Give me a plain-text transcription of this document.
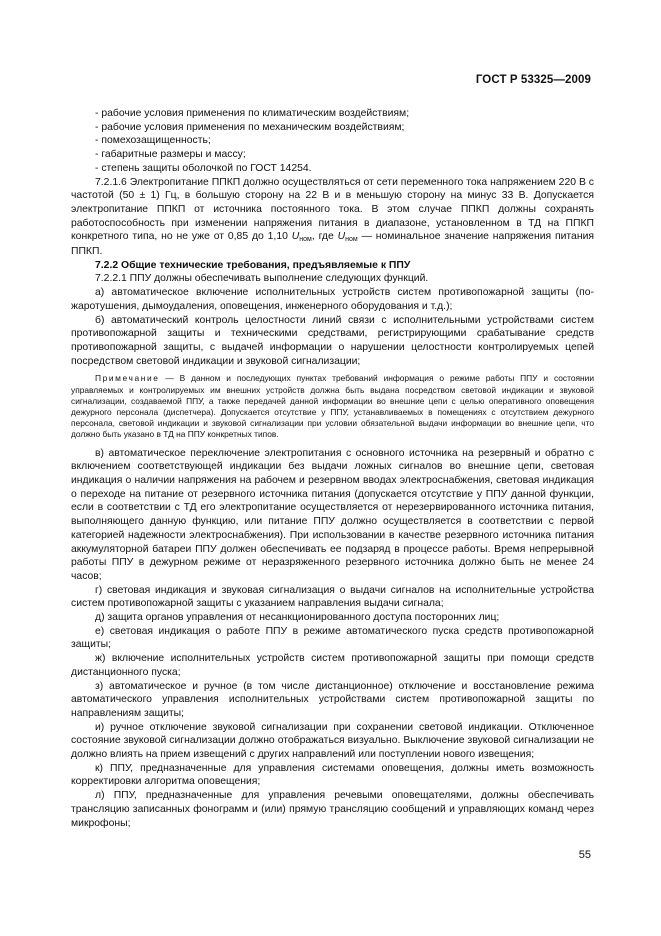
ГОСТ Р 53325—2009

- рабочие условия применения по климатическим воздействиям;

- рабочие условия применения по механическим воздействиям;

- помехозащищенность;

- габаритные размеры и массу;

- степень защиты оболочкой по ГОСТ 14254.

7.2.1.6 Электропитание ППКП должно осуществляться от сети переменного тока напряжением 220 В с частотой (50 ± 1) Гц, в большую сторону на 22 В и в меньшую сторону на минус 33 В. Допускается электропитание ППКП от источника постоянного тока. В этом случае ППКП должны сохранять работоспособность при изменении напряжения питания в диапазоне, установленном в ТД на ППКП конкретного типа, но не уже от 0,85 до 1,10 Uном, где Uном — номинальное значение напряжения питания ППКП.

7.2.2 Общие технические требования, предъявляемые к ППУ

7.2.2.1 ППУ должны обеспечивать выполнение следующих функций.

а) автоматическое включение исполнительных устройств систем противопожарной защиты (пожаротушения, дымоудаления, оповещения, инженерного оборудования и т.д.);

б) автоматический контроль целостности линий связи с исполнительными устройствами систем противопожарной защиты и техническими средствами, регистрирующими срабатывание средств противопожарной защиты, с выдачей информации о нарушении целостности контролируемых цепей посредством световой индикации и звуковой сигнализации;

Примечание — В данном и последующих пунктах требований информация о режиме работы ППУ и состоянии управляемых и контролируемых им внешних устройств должна быть выдана посредством световой индикации и звуковой сигнализации, создаваемой ППУ, а также передачей данной информации во внешние цепи с целью оперативного оповещения дежурного персонала (диспетчера). Допускается отсутствие у ППУ, устанавливаемых в помещениях с отсутствием дежурного персонала, световой индикации и звуковой сигнализации при условии обязательной выдачи информации во внешние цепи, что должно быть указано в ТД на ППУ конкретных типов.

в) автоматическое переключение электропитания с основного источника на резервный и обратно с включением соответствующей индикации без выдачи ложных сигналов во внешние цепи, световая индикация о наличии напряжения на рабочем и резервном вводах электроснабжения, световая индикация о переходе на питание от резервного источника питания (допускается отсутствие у ППУ данной функции, если в соответствии с ТД его электропитание осуществляется от нерезервированного источника питания, выполняющего данную функцию, или питание ППУ должно осуществляется в соответствии с первой категорией надежности электроснабжения). При использовании в качестве резервного источника питания аккумуляторной батареи ППУ должен обеспечивать ее подзаряд в процессе работы. Время непрерывной работы ППУ в дежурном режиме от неразряженного резервного источника должно быть не менее 24 часов;

г) световая индикация и звуковая сигнализация о выдачи сигналов на исполнительные устройства систем противопожарной защиты с указанием направления выдачи сигнала;

д) защита органов управления от несанкционированного доступа посторонних лиц;

е) световая индикация о работе ППУ в режиме автоматического пуска средств противопожарной защиты;

ж) включение исполнительных устройств систем противопожарной защиты при помощи средств дистанционного пуска;

з) автоматическое и ручное (в том числе дистанционное) отключение и восстановление режима автоматического управления исполнительных устройствами систем противопожарной защиты по направлениям защиты;

и) ручное отключение звуковой сигнализации при сохранении световой индикации. Отключенное состояние звуковой сигнализации должно отображаться визуально. Выключение звуковой сигнализации не должно влиять на прием извещений с других направлений или поступлении нового извещения;

к) ППУ, предназначенные для управления системами оповещения, должны иметь возможность корректировки алгоритма оповещения;

л) ППУ, предназначенные для управления речевыми оповещателями, должны обеспечивать трансляцию записанных фонограмм и (или) прямую трансляцию сообщений и управляющих команд через микрофоны;

55
